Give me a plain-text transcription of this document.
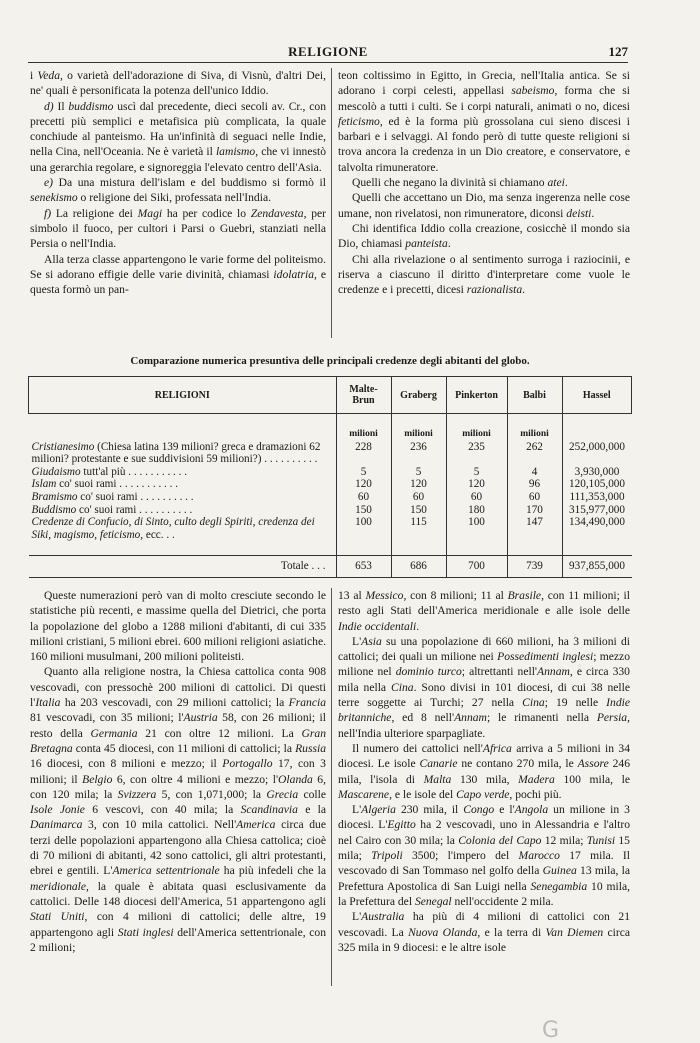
RELIGIONE	127

i Veda, o varietà dell'adorazione di Siva, di Visnù, d'altri Dei, ne' quali è personificata la potenza dell'unico Iddio.

d) Il buddismo uscì dal precedente, dieci secoli av. Cr., con precetti più semplici e metafisica più complicata, la quale conchiude al panteismo. Ha un'infinità di seguaci nelle Indie, nella Cina, nell'Oceania. Ne è varietà il lamismo, che vi innestò una gerarchia regolare, e signoreggia l'elevato centro dell'Asia.

e) Da una mistura dell'islam e del buddismo si formò il senekismo o religione dei Siki, professata nell'India.

f) La religione dei Magi ha per codice lo Zendavesta, per simbolo il fuoco, per cultori i Parsi o Guebri, stanziati nella Persia o nell'India.

Alla terza classe appartengono le varie forme del politeismo. Se si adorano effigie delle varie divinità, chiamasi idolatria, e questa formò un pan-

teon coltissimo in Egitto, in Grecia, nell'Italia antica. Se si adorano i corpi celesti, appellasi sabeismo, forma che si mescolò a tutti i culti. Se i corpi naturali, animati o no, dicesi feticismo, ed è la forma più grossolana cui sieno discesi i barbari e i selvaggi. Al fondo però di tutte queste religioni si trova ancora la credenza in un Dio creatore, e conservatore, e talvolta rimuneratore.

Quelli che negano la divinità si chiamano atei.

Quelli che accettano un Dio, ma senza ingerenza nelle cose umane, non rivelatosi, non rimuneratore, diconsi deisti.

Chi identifica Iddio colla creazione, cosicchè il mondo sia Dio, chiamasi panteista.

Chi alla rivelazione o al sentimento surroga i raziocinii, e riserva a ciascuno il diritto d'interpretare come vuole le credenze e i precetti, dicesi razionalista.

Comparazione numerica presuntiva delle principali credenze degli abitanti del globo.
RELIGIONI	Malte-Brun	Graberg	Pinkerton	Balbi	Hassel
	milioni	milioni	milioni	milioni	
Cristianesimo (Chiesa latina 139 milioni? greca e dramazioni 62 milioni? protestante e sue suddivisioni 59 milioni?) . . . . . . . . . .	228	236	235	262	252,000,000
Giudaismo tutt'al più . . . . . . . . . . .	5	5	5	4	3,930,000
Islam co' suoi rami . . . . . . . . . . .	120	120	120	96	120,105,000
Bramismo co' suoi rami . . . . . . . . . .	60	60	60	60	111,353,000
Buddismo co' suoi rami . . . . . . . . . .	150	150	180	170	315,977,000
Credenze di Confucio, di Sinto, culto degli Spiriti, credenza dei Siki, magismo, feticismo, ecc. . .	100	115	100	147	134,490,000

Totale . . .	653	686	700	739	937,855,000

Queste numerazioni però van di molto cresciute secondo le statistiche più recenti, e massime quella del Dietrici, che porta la popolazione del globo a 1288 milioni d'abitanti, di cui 335 milioni cristiani, 5 milioni ebrei. 600 milioni religioni asiatiche. 160 milioni musulmani, 200 milioni politeisti.

Quanto alla religione nostra, la Chiesa cattolica conta 908 vescovadi, con pressochè 200 milioni di cattolici. Di questi l'Italia ha 203 vescovadi, con 29 milioni cattolici; la Francia 81 vescovadi, con 35 milioni; l'Austria 58, con 26 milioni; il resto della Germania 21 con oltre 12 milioni. La Gran Bretagna conta 45 diocesi, con 11 milioni di cattolici; la Russia 16 diocesi, con 8 milioni e mezzo; il Portogallo 17, con 3 milioni; il Belgio 6, con oltre 4 milioni e mezzo; l'Olanda 6, con 120 mila; la Svizzera 5, con 1,071,000; la Grecia colle Isole Jonie 6 vescovi, con 40 mila; la Scandinavia e la Danimarca 3, con 10 mila cattolici. Nell'America circa due terzi delle popolazioni appartengono alla Chiesa cattolica; cioè di 70 milioni di abitanti, 42 sono cattolici, gli altri protestanti, ebrei e gentili. L'America settentrionale ha più infedeli che la meridionale, la quale è abitata quasi esclusivamente da cattolici. Delle 148 diocesi dell'America, 51 appartengono agli Stati Uniti, con 4 milioni di cattolici; delle altre, 19 appartengono agli Stati inglesi dell'America settentrionale, con 2 milioni;

13 al Messico, con 8 milioni; 11 al Brasile, con 11 milioni; il resto agli Stati dell'America meridionale e alle isole delle Indie occidentali.

L'Asia su una popolazione di 660 milioni, ha 3 milioni di cattolici; dei quali un milione nei Possedimenti inglesi; mezzo milione nel dominio turco; altrettanti nell'Annam, e circa 330 mila nella Cina. Sono divisi in 101 diocesi, di cui 38 nelle terre soggette ai Turchi; 27 nella Cina; 19 nelle Indie britanniche, ed 8 nell'Annam; le rimanenti nella Persia, nell'India ulteriore sparpagliate.

Il numero dei cattolici nell'Africa arriva a 5 milioni in 34 diocesi. Le isole Canarie ne contano 270 mila, le Assore 246 mila, l'isola di Malta 130 mila, Madera 100 mila, le Mascarene, e le isole del Capo verde, pochi più.

L'Algeria 230 mila, il Congo e l'Angola un milione in 3 diocesi. L'Egitto ha 2 vescovadi, uno in Alessandria e l'altro nel Cairo con 30 mila; la Colonia del Capo 12 mila; Tunisi 15 mila; Tripoli 3500; l'impero del Marocco 17 mila. Il vescovado di San Tommaso nel golfo della Guinea 13 mila, la Prefettura Apostolica di San Luigi nella Senegambia 10 mila, la Prefettura del Senegal nell'occidente 2 mila.

L'Australia ha più di 4 milioni di cattolici con 21 vescovadi. La Nuova Olanda, e la terra di Van Diemen circa 325 mila in 9 diocesi: e le altre isole

G
